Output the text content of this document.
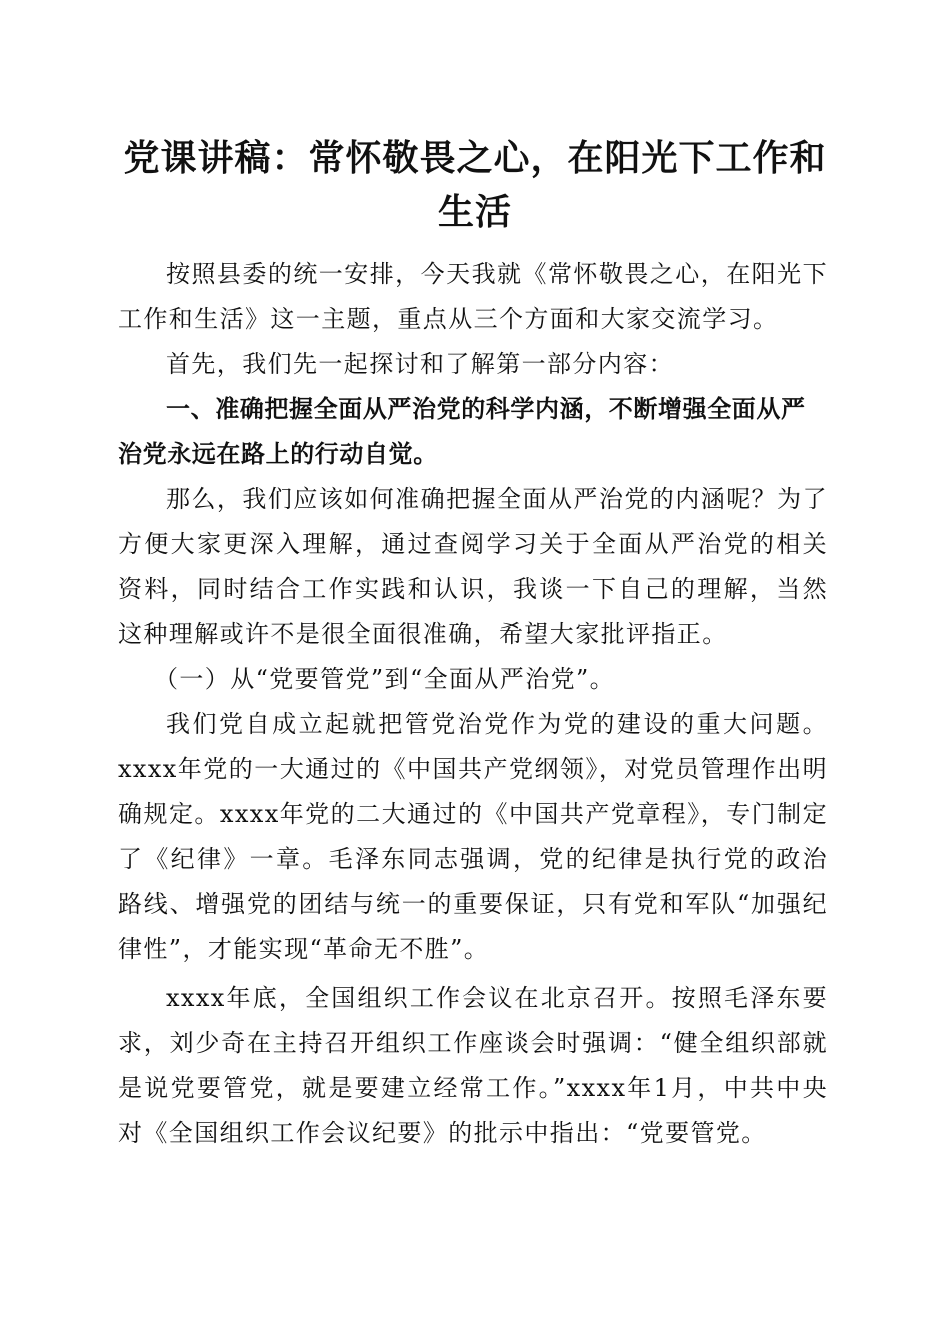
党课讲稿：常怀敬畏之心，在阳光下工作和生活

按照县委的统一安排，今天我就《常怀敬畏之心，在阳光下工作和生活》这一主题，重点从三个方面和大家交流学习。

首先，我们先一起探讨和了解第一部分内容：

一、准确把握全面从严治党的科学内涵，不断增强全面从严治党永远在路上的行动自觉。

那么，我们应该如何准确把握全面从严治党的内涵呢？为了方便大家更深入理解，通过查阅学习关于全面从严治党的相关资料，同时结合工作实践和认识，我谈一下自己的理解，当然这种理解或许不是很全面很准确，希望大家批评指正。

（一）从“党要管党”到“全面从严治党”。

我们党自成立起就把管党治党作为党的建设的重大问题。xxxx年党的一大通过的《中国共产党纲领》，对党员管理作出明确规定。xxxx年党的二大通过的《中国共产党章程》，专门制定了《纪律》一章。毛泽东同志强调，党的纪律是执行党的政治路线、增强党的团结与统一的重要保证，只有党和军队“加强纪律性”，才能实现“革命无不胜”。

xxxx年底，全国组织工作会议在北京召开。按照毛泽东要求，刘少奇在主持召开组织工作座谈会时强调：“健全组织部就是说党要管党，就是要建立经常工作。”xxxx年1月，中共中央对《全国组织工作会议纪要》的批示中指出：“党要管党。
